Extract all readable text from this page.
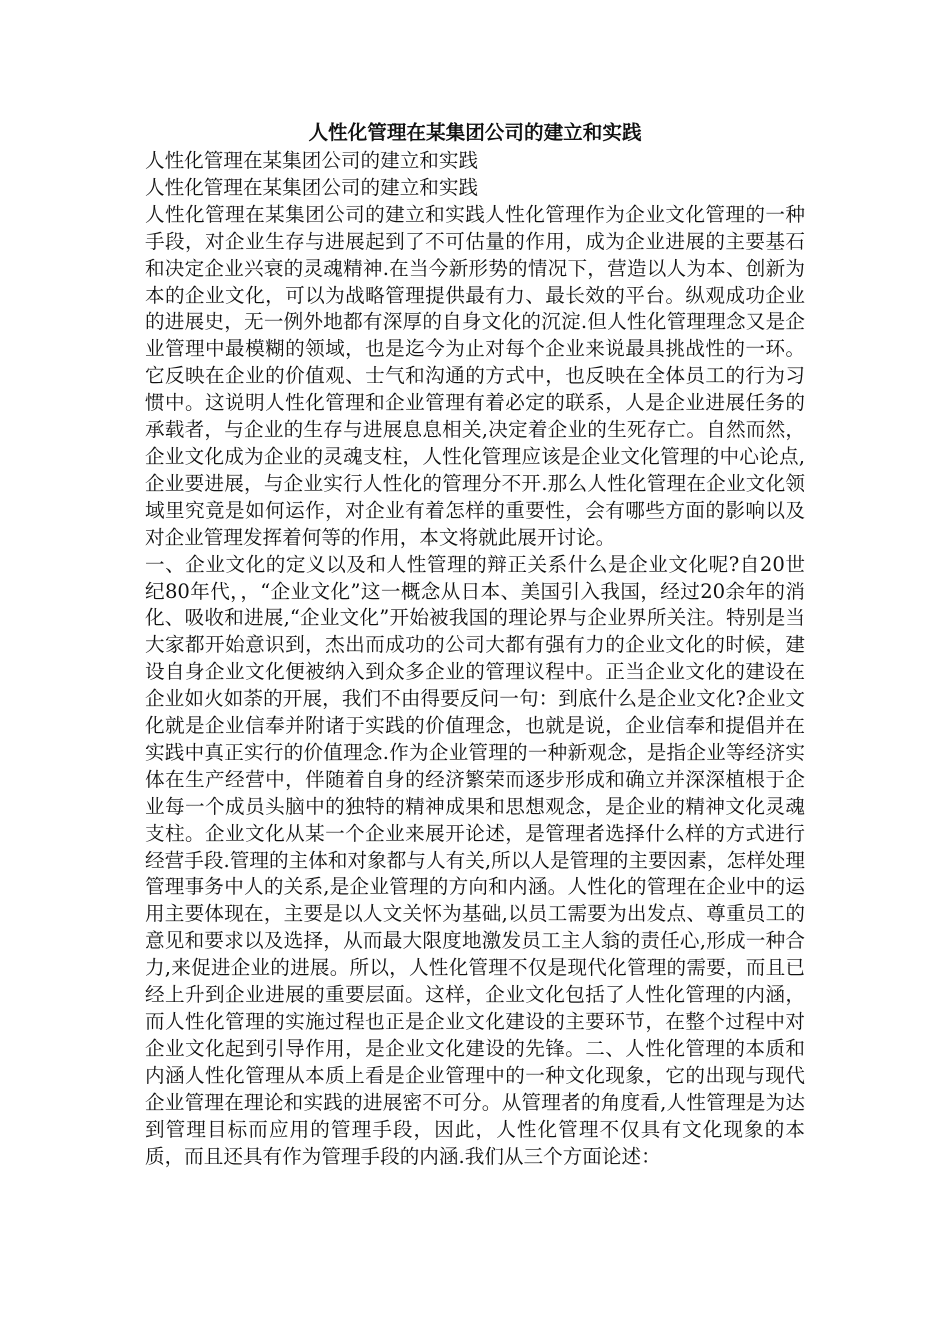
人性化管理在某集团公司的建立和实践

人性化管理在某集团公司的建立和实践

人性化管理在某集团公司的建立和实践

人性化管理在某集团公司的建立和实践人性化管理作为企业文化管理的一种手段，对企业生存与进展起到了不可估量的作用，成为企业进展的主要基石和决定企业兴衰的灵魂精神.在当今新形势的情况下，营造以人为本、创新为本的企业文化，可以为战略管理提供最有力、最长效的平台。纵观成功企业的进展史，无一例外地都有深厚的自身文化的沉淀.但人性化管理理念又是企业管理中最模糊的领域，也是迄今为止对每个企业来说最具挑战性的一环。它反映在企业的价值观、士气和沟通的方式中，也反映在全体员工的行为习惯中。这说明人性化管理和企业管理有着必定的联系，人是企业进展任务的承载者，与企业的生存与进展息息相关,决定着企业的生死存亡。自然而然，企业文化成为企业的灵魂支柱，人性化管理应该是企业文化管理的中心论点,企业要进展，与企业实行人性化的管理分不开.那么人性化管理在企业文化领域里究竟是如何运作，对企业有着怎样的重要性，会有哪些方面的影响以及对企业管理发挥着何等的作用，本文将就此展开讨论。

一、企业文化的定义以及和人性管理的辩正关系什么是企业文化呢?自20世纪80年代，，“企业文化”这一概念从日本、美国引入我国，经过20余年的消化、吸收和进展,“企业文化”开始被我国的理论界与企业界所关注。特别是当大家都开始意识到，杰出而成功的公司大都有强有力的企业文化的时候，建设自身企业文化便被纳入到众多企业的管理议程中。正当企业文化的建设在企业如火如荼的开展，我们不由得要反问一句：到底什么是企业文化?企业文化就是企业信奉并附诸于实践的价值理念，也就是说，企业信奉和提倡并在实践中真正实行的价值理念.作为企业管理的一种新观念，是指企业等经济实体在生产经营中，伴随着自身的经济繁荣而逐步形成和确立并深深植根于企业每一个成员头脑中的独特的精神成果和思想观念，是企业的精神文化灵魂支柱。企业文化从某一个企业来展开论述，是管理者选择什么样的方式进行经营手段.管理的主体和对象都与人有关,所以人是管理的主要因素，怎样处理管理事务中人的关系,是企业管理的方向和内涵。人性化的管理在企业中的运用主要体现在，主要是以人文关怀为基础,以员工需要为出发点、尊重员工的意见和要求以及选择，从而最大限度地激发员工主人翁的责任心,形成一种合力,来促进企业的进展。所以，人性化管理不仅是现代化管理的需要，而且已经上升到企业进展的重要层面。这样，企业文化包括了人性化管理的内涵，而人性化管理的实施过程也正是企业文化建设的主要环节，在整个过程中对企业文化起到引导作用，是企业文化建设的先锋。二、人性化管理的本质和内涵人性化管理从本质上看是企业管理中的一种文化现象，它的出现与现代企业管理在理论和实践的进展密不可分。从管理者的角度看,人性管理是为达到管理目标而应用的管理手段，因此，人性化管理不仅具有文化现象的本质，而且还具有作为管理手段的内涵.我们从三个方面论述：
